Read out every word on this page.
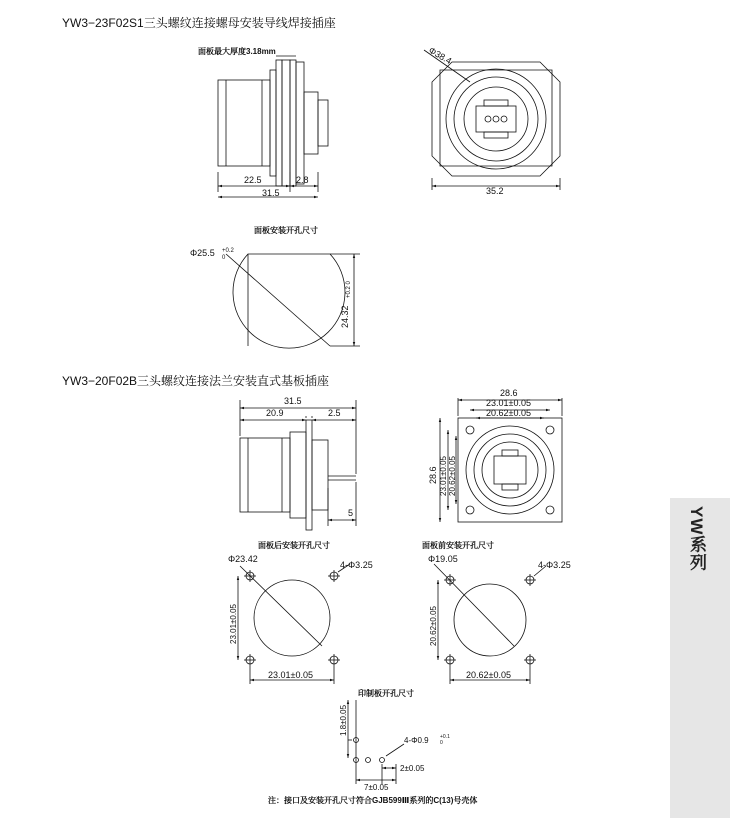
YW3−23F02S1三头螺纹连接螺母安装导线焊接插座
面板最大厚度3.18mm
面板安装开孔尺寸
YW3−20F02B三头螺纹连接法兰安装直式基板插座
面板后安装开孔尺寸	面板前安装开孔尺寸
印制板开孔尺寸
注：接口及安装开孔尺寸符合GJB599Ⅲ系列的C(13)号壳体
YW系列
22.5	2.8
31.5
Φ38.4
35.2
Φ25.5 +0.2
0
24.32
+0.2 0
31.5
20.9	2.5
5
28.6
23.01±0.05
20.62±0.05
28.6 23.01±0.05 20.62±0.05
Φ23.42
4-Φ3.25
23.01±0.05
23.01±0.05
Φ19.05
4-Φ3.25
20.62±0.05
20.62±0.05
1.8±0.05
4-Φ0.9 +0.1
0
7±0.05
2±0.05
